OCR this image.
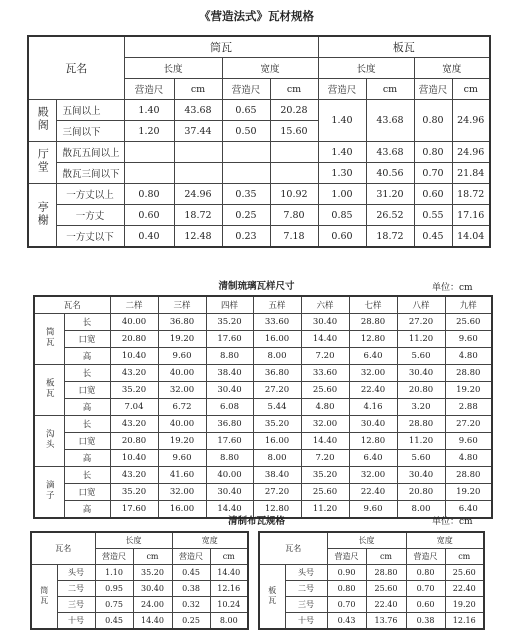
《营造法式》瓦材规格
瓦名		筒瓦				板瓦			
		长度		宽度		长度		宽度	
		营造尺	cm	营造尺	cm	营造尺	cm	营造尺	cm
殿阁	五间以上	1.40	43.68	0.65	20.28	1.40	43.68	0.80	24.96
	三间以下	1.20	37.44	0.50	15.60				
厅堂	散瓦五间以上					1.40	43.68	0.80	24.96
	散瓦三间以下					1.30	40.56	0.70	21.84
亭榭	一方丈以上	0.80	24.96	0.35	10.92	1.00	31.20	0.60	18.72
	一方丈	0.60	18.72	0.25	7.80	0.85	26.52	0.55	17.16
	一方丈以下	0.40	12.48	0.23	7.18	0.60	18.72	0.45	14.04
清制琉璃瓦样尺寸	单位：cm
瓦名		二样	三样	四样	五样	六样	七样	八样	九样
筒瓦	长	40.00	36.80	35.20	33.60	30.40	28.80	27.20	25.60
	口宽	20.80	19.20	17.60	16.00	14.40	12.80	11.20	9.60
	高	10.40	9.60	8.80	8.00	7.20	6.40	5.60	4.80
板瓦	长	43.20	40.00	38.40	36.80	33.60	32.00	30.40	28.80
	口宽	35.20	32.00	30.40	27.20	25.60	22.40	20.80	19.20
	高	7.04	6.72	6.08	5.44	4.80	4.16	3.20	2.88
沟头	长	43.20	40.00	36.80	35.20	32.00	30.40	28.80	27.20
	口宽	20.80	19.20	17.60	16.00	14.40	12.80	11.20	9.60
	高	10.40	9.60	8.80	8.00	7.20	6.40	5.60	4.80
滴子	长	43.20	41.60	40.00	38.40	35.20	32.00	30.40	28.80
	口宽	35.20	32.00	30.40	27.20	25.60	22.40	20.80	19.20
	高	17.60	16.00	14.40	12.80	11.20	9.60	8.00	6.40
清制布瓦规格	单位：cm
瓦名		长度		宽度	
		营造尺	cm	营造尺	cm
筒瓦	头号	1.10	35.20	0.45	14.40
	二号	0.95	30.40	0.38	12.16
	三号	0.75	24.00	0.32	10.24
	十号	0.45	14.40	0.25	8.00
瓦名		长度		宽度	
		营造尺	cm	营造尺	cm
板瓦	头号	0.90	28.80	0.80	25.60
	二号	0.80	25.60	0.70	22.40
	三号	0.70	22.40	0.60	19.20
	十号	0.43	13.76	0.38	12.16
